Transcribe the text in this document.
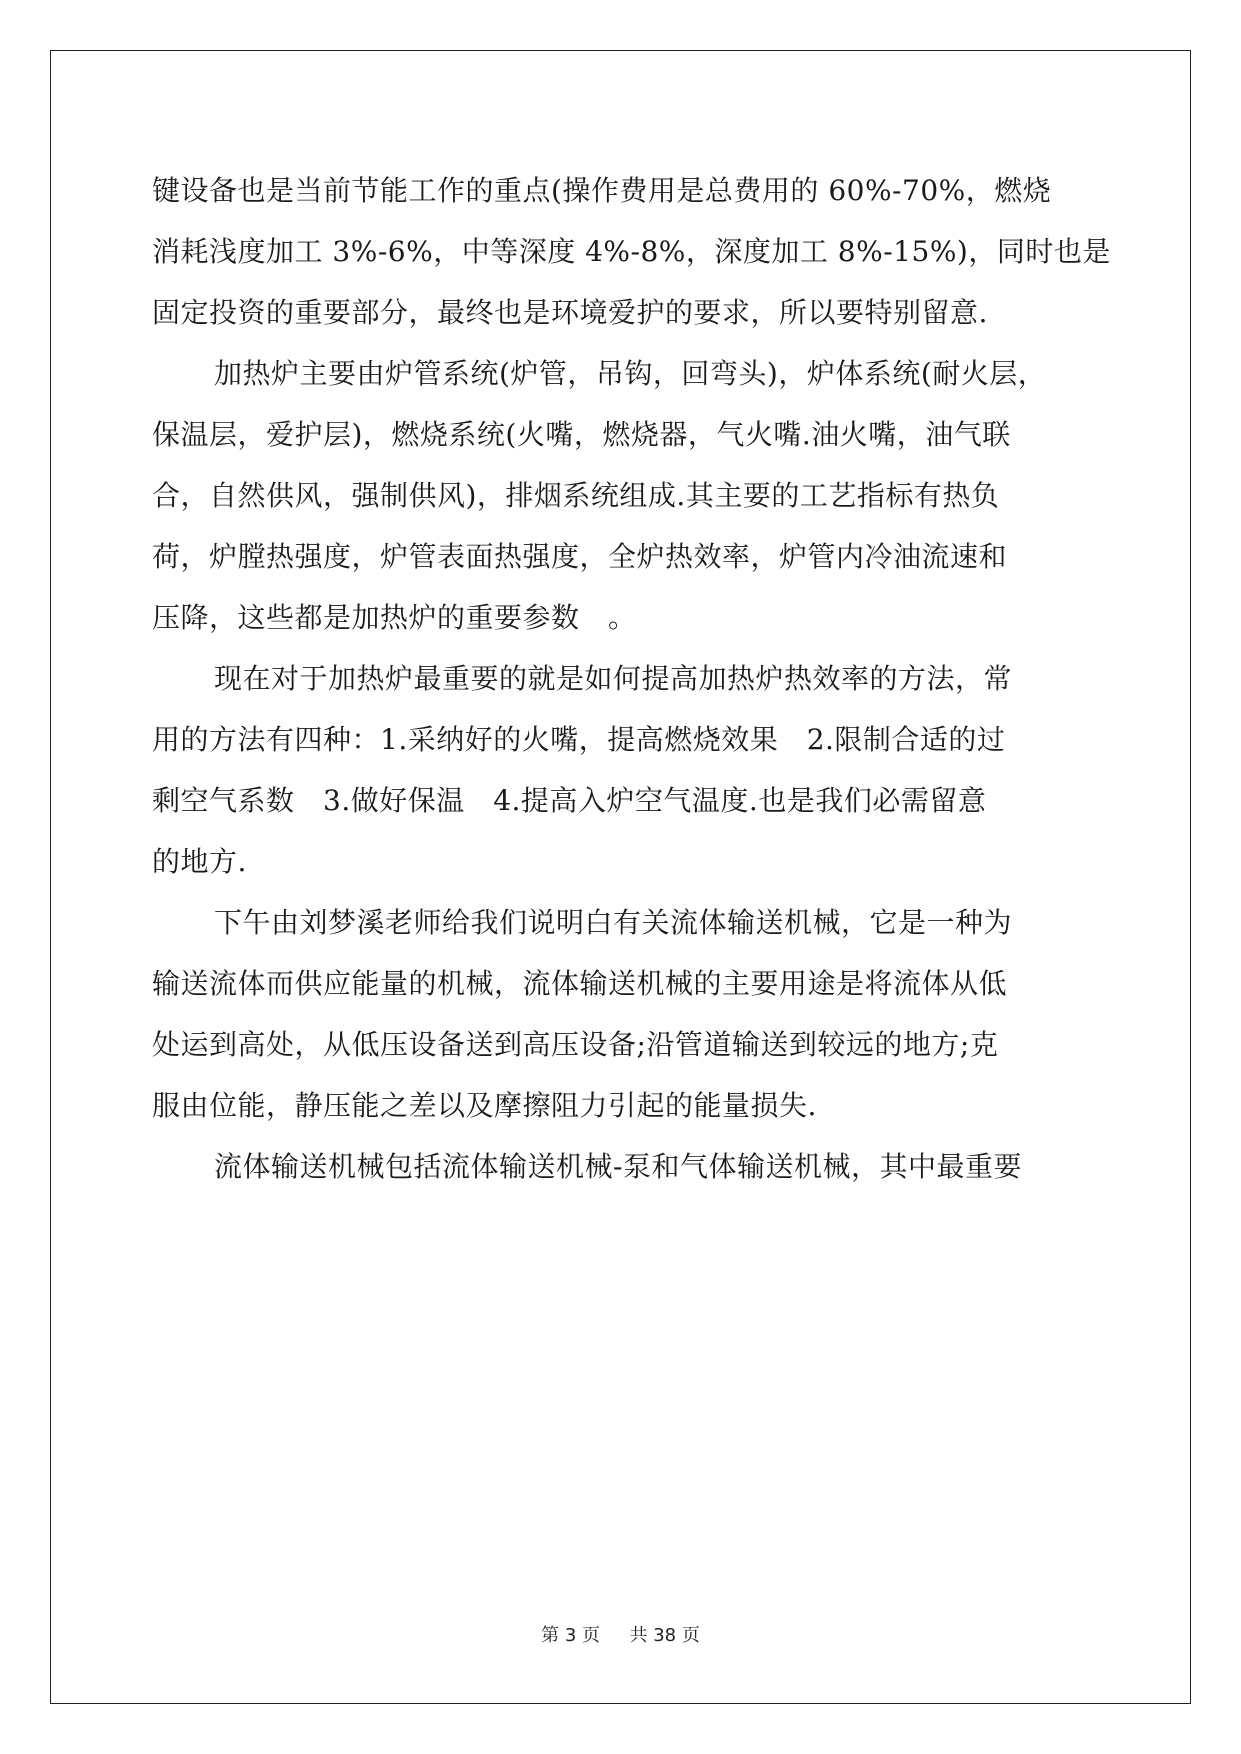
键设备也是当前节能工作的重点(操作费用是总费用的 60%-70%，燃烧
消耗浅度加工 3%-6%，中等深度 4%-8%，深度加工 8%-15%)，同时也是
固定投资的重要部分，最终也是环境爱护的要求，所以要特别留意.
加热炉主要由炉管系统(炉管，吊钩，回弯头)，炉体系统(耐火层，
保温层，爱护层)，燃烧系统(火嘴，燃烧器，气火嘴.油火嘴，油气联
合，自然供风，强制供风)，排烟系统组成.其主要的工艺指标有热负
荷，炉膛热强度，炉管表面热强度，全炉热效率，炉管内冷油流速和
压降，这些都是加热炉的重要参数　。
现在对于加热炉最重要的就是如何提高加热炉热效率的方法，常
用的方法有四种：1.采纳好的火嘴，提高燃烧效果　2.限制合适的过
剩空气系数　3.做好保温　4.提高入炉空气温度.也是我们必需留意
的地方.
下午由刘梦溪老师给我们说明白有关流体输送机械，它是一种为
输送流体而供应能量的机械，流体输送机械的主要用途是将流体从低
处运到高处，从低压设备送到高压设备;沿管道输送到较远的地方;克
服由位能，静压能之差以及摩擦阻力引起的能量损失.
流体输送机械包括流体输送机械-泵和气体输送机械，其中最重要
第 3 页 共 38 页
